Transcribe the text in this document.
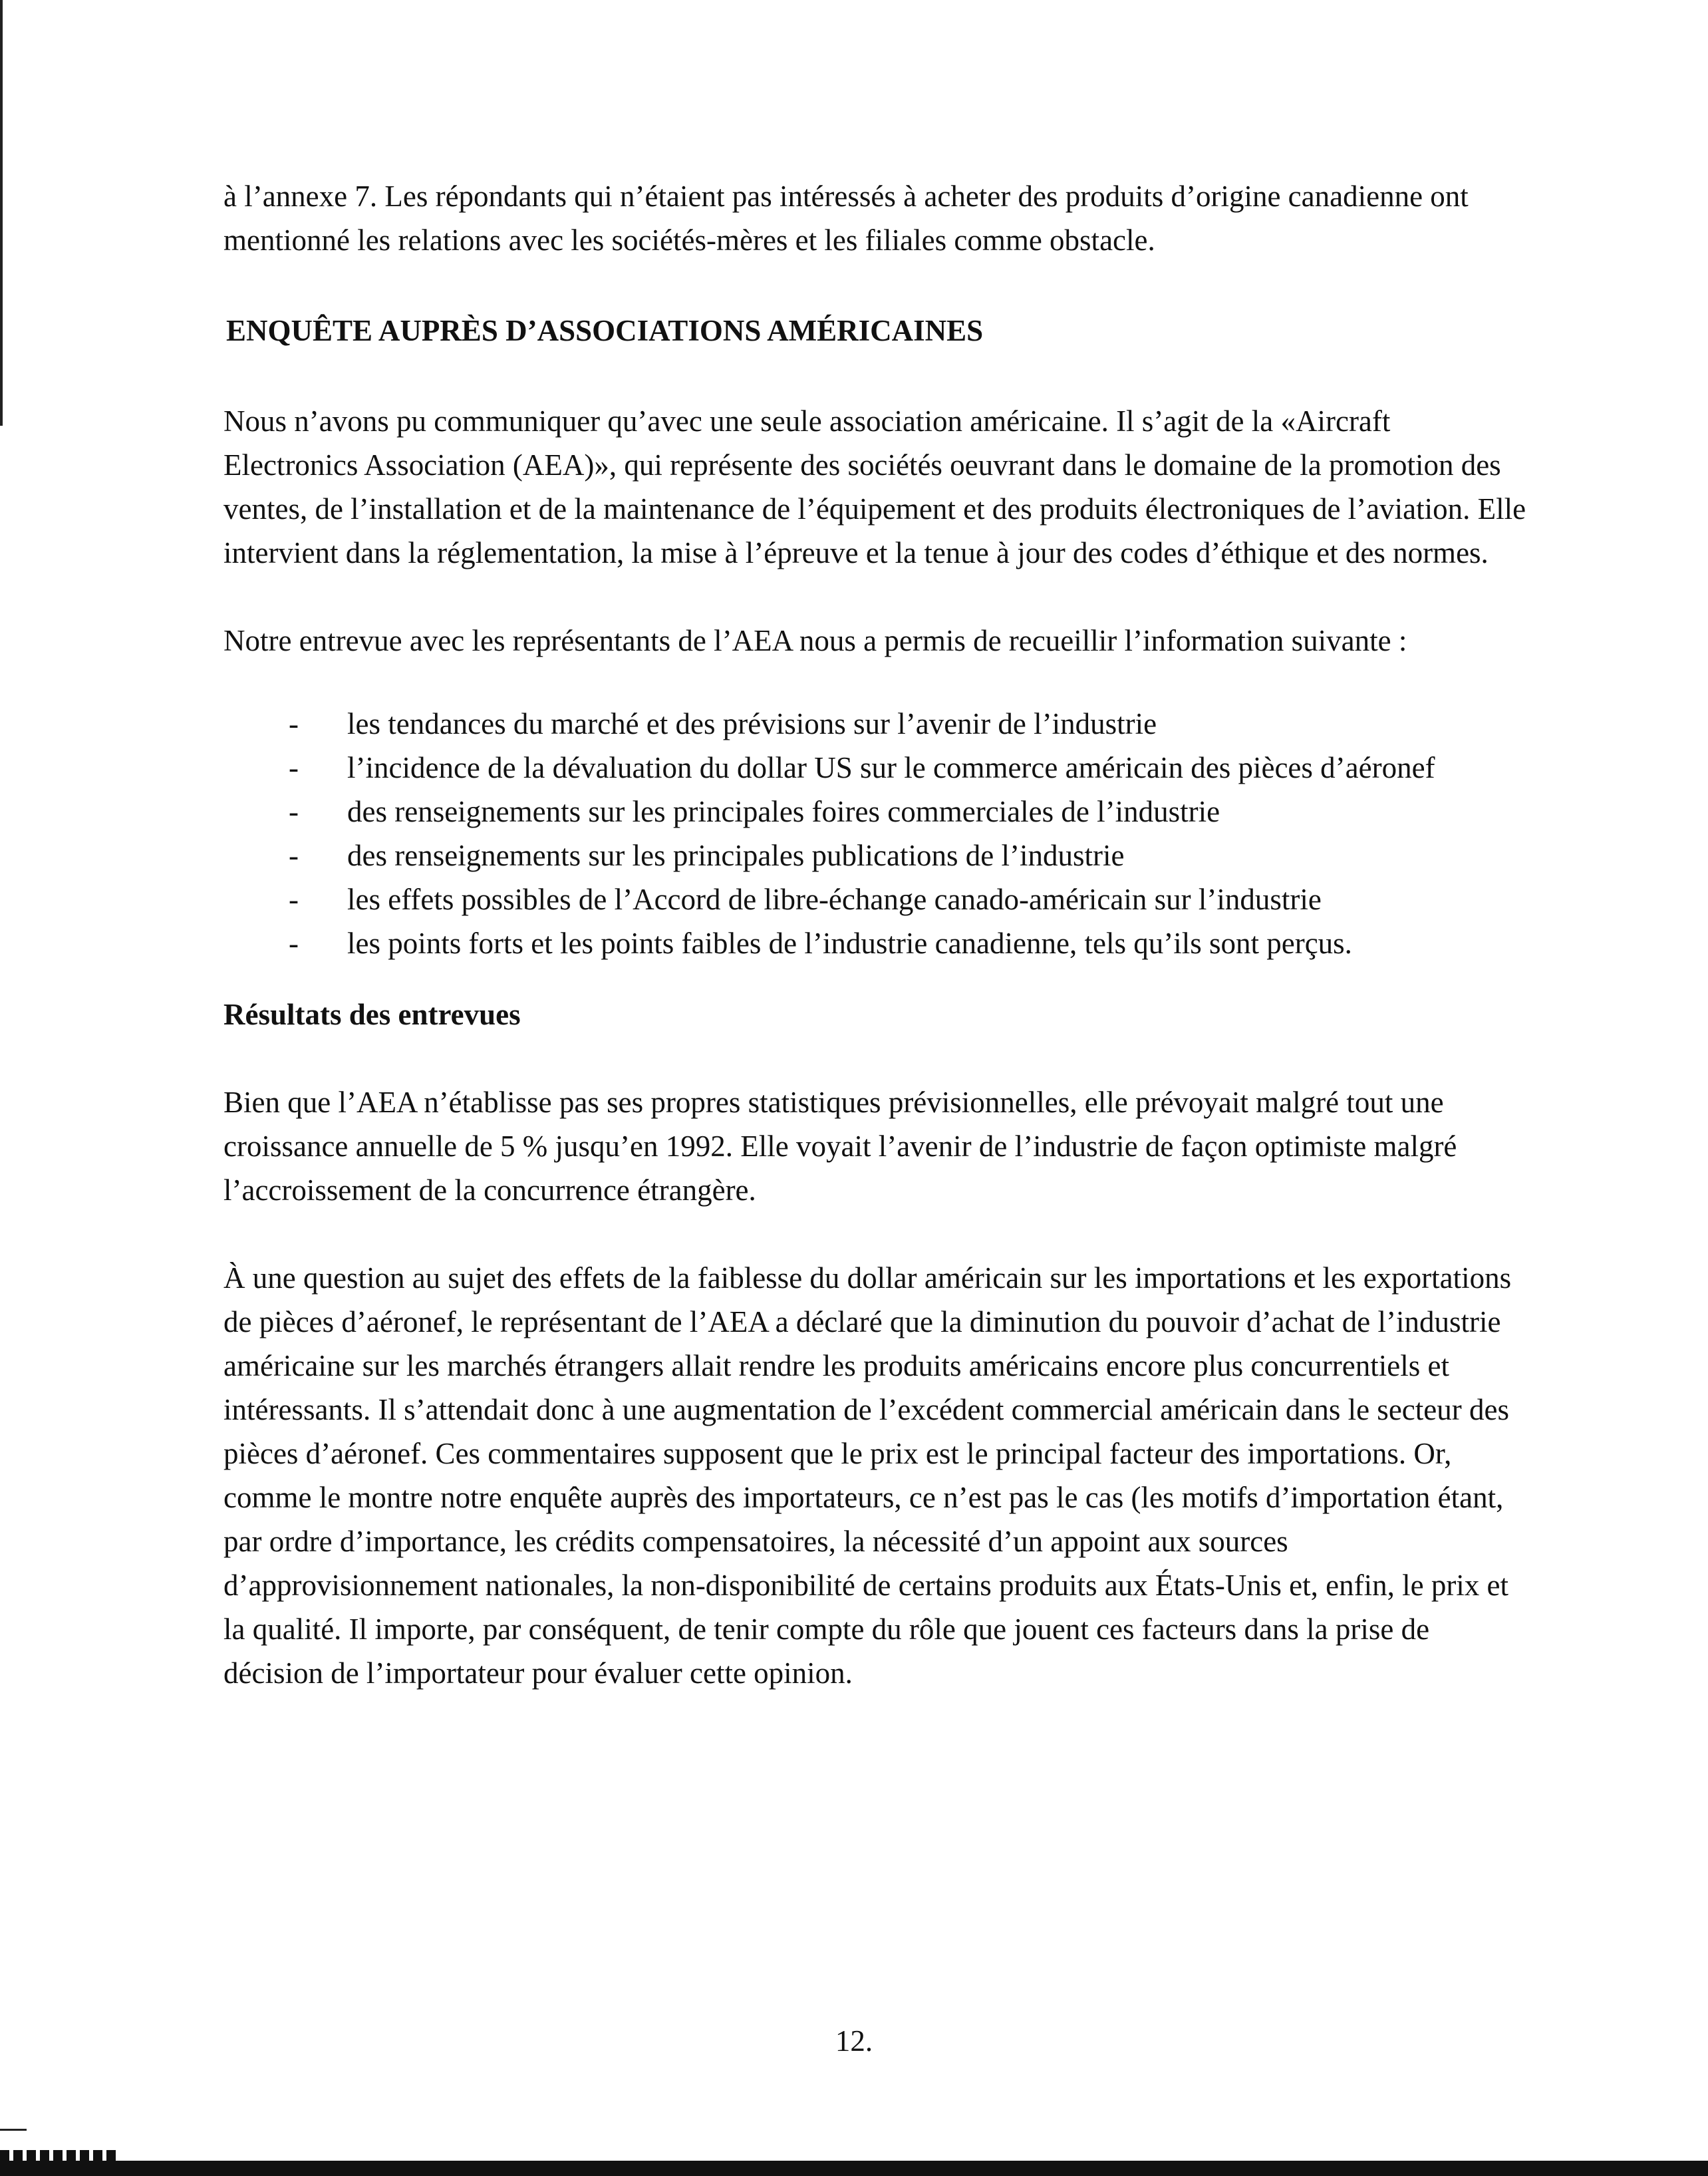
à l’annexe 7. Les répondants qui n’étaient pas intéressés à acheter des produits d’origine canadienne ont mentionné les relations avec les sociétés-mères et les filiales comme obstacle.

ENQUÊTE AUPRÈS D’ASSOCIATIONS AMÉRICAINES

Nous n’avons pu communiquer qu’avec une seule association américaine. Il s’agit de la «Aircraft Electronics Association (AEA)», qui représente des sociétés oeuvrant dans le domaine de la promotion des ventes, de l’installation et de la maintenance de l’équipement et des produits électroniques de l’aviation. Elle intervient dans la réglementation, la mise à l’épreuve et la tenue à jour des codes d’éthique et des normes.

Notre entrevue avec les représentants de l’AEA nous a permis de recueillir l’information suivante :

- les tendances du marché et des prévisions sur l’avenir de l’industrie
- l’incidence de la dévaluation du dollar US sur le commerce américain des pièces d’aéronef
- des renseignements sur les principales foires commerciales de l’industrie
- des renseignements sur les principales publications de l’industrie
- les effets possibles de l’Accord de libre-échange canado-américain sur l’industrie
- les points forts et les points faibles de l’industrie canadienne, tels qu’ils sont perçus.
Résultats des entrevues

Bien que l’AEA n’établisse pas ses propres statistiques prévisionnelles, elle prévoyait malgré tout une croissance annuelle de 5 % jusqu’en 1992. Elle voyait l’avenir de l’industrie de façon optimiste malgré l’accroissement de la concurrence étrangère.

À une question au sujet des effets de la faiblesse du dollar américain sur les importations et les exportations de pièces d’aéronef, le représentant de l’AEA a déclaré que la diminution du pouvoir d’achat de l’industrie américaine sur les marchés étrangers allait rendre les produits américains encore plus concurrentiels et intéressants. Il s’attendait donc à une augmentation de l’excédent commercial américain dans le secteur des pièces d’aéronef. Ces commentaires supposent que le prix est le principal facteur des importations. Or, comme le montre notre enquête auprès des importateurs, ce n’est pas le cas (les motifs d’importation étant, par ordre d’importance, les crédits compensatoires, la nécessité d’un appoint aux sources d’approvisionnement nationales, la non-disponibilité de certains produits aux États-Unis et, enfin, le prix et la qualité. Il importe, par conséquent, de tenir compte du rôle que jouent ces facteurs dans la prise de décision de l’importateur pour évaluer cette opinion.

12.
